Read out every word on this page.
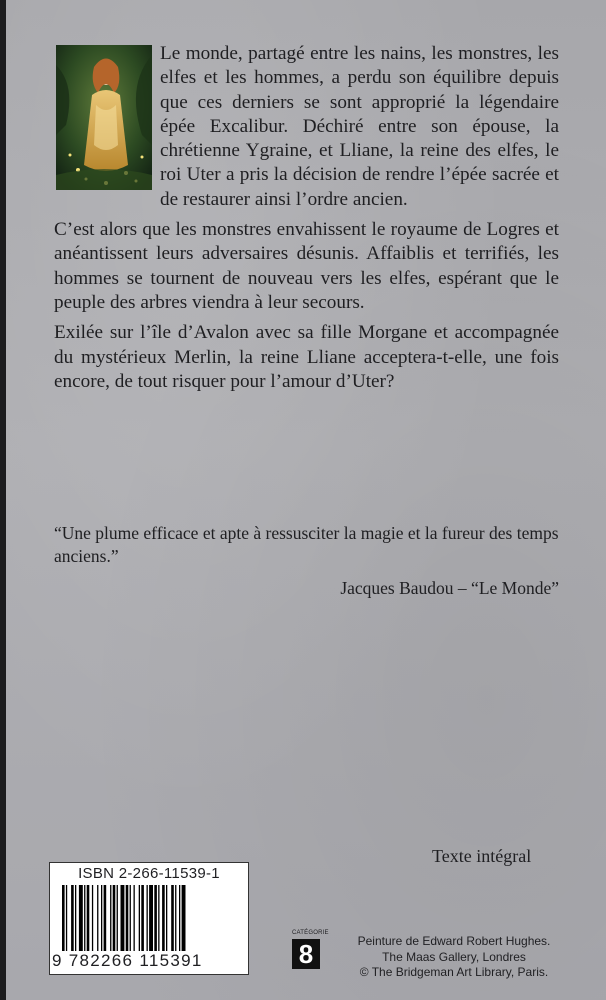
Le monde, partagé entre les nains, les monstres, les elfes et les hommes, a perdu son équilibre depuis que ces derniers se sont approprié la légendaire épée Excalibur. Déchiré entre son épouse, la chrétienne Ygraine, et Lliane, la reine des elfes, le roi Uter a pris la décision de rendre l’épée sacrée et de restaurer ainsi l’ordre ancien.

C’est alors que les monstres envahissent le royaume de Logres et anéantissent leurs adversaires désunis. Affaiblis et terrifiés, les hommes se tournent de nouveau vers les elfes, espérant que le peuple des arbres viendra à leur secours.

Exilée sur l’île d’Avalon avec sa fille Morgane et accompagnée du mystérieux Merlin, la reine Lliane acceptera-t-elle, une fois encore, de tout risquer pour l’amour d’Uter?

“Une plume efficace et apte à ressusciter la magie et la fureur des temps anciens.”
Jacques Baudou – “Le Monde”
Texte intégral
ISBN 2-266-11539-1
9 782266 115391
CATÉGORIE
8	Peinture de Edward Robert Hughes.
The Maas Gallery, Londres
© The Bridgeman Art Library, Paris.
